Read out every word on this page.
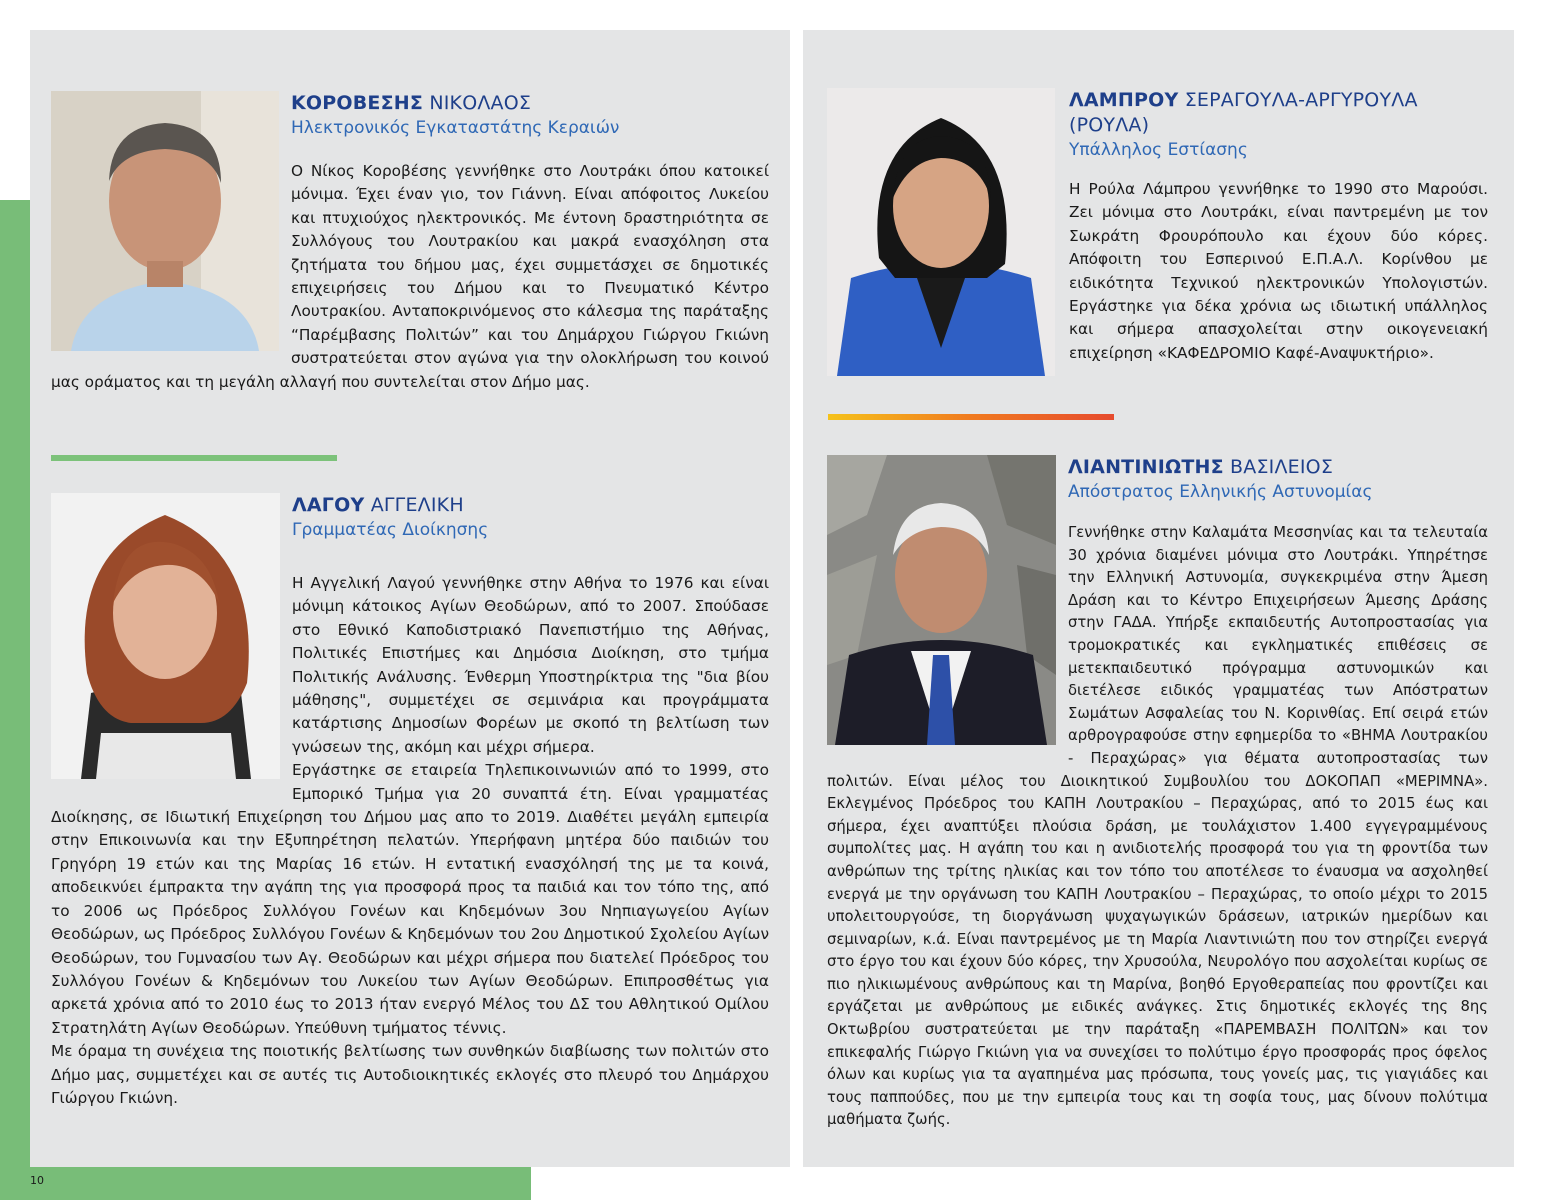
ΚΟΡΟΒΕΣΗΣ ΝΙΚΟΛΑΟΣ
Ηλεκτρονικός Εγκαταστάτης Κεραιών

Ο Νίκος Κοροβέσης γεννήθηκε στο Λουτράκι όπου κατοικεί μόνιμα. Έχει έναν γιο, τον Γιάννη. Είναι απόφοιτος Λυκείου και πτυχιούχος ηλεκτρονικός. Με έντονη δραστηριότητα σε Συλλόγους του Λουτρακίου και μακρά ενασχόληση στα ζητήματα του δήμου μας, έχει συμμετάσχει σε δημοτικές επιχειρήσεις του Δήμου και το Πνευματικό Κέντρο Λουτρακίου. Ανταποκρινόμενος στο κάλεσμα της παράταξης “Παρέμβασης Πολιτών” και του Δημάρχου Γιώργου Γκιώνη συστρατεύεται στον αγώνα για την ολοκλήρωση του κοινού μας οράματος και τη μεγάλη αλλαγή που συντελείται στον Δήμο μας.

ΛΑΓΟΥ ΑΓΓΕΛΙΚΗ
Γραμματέας Διοίκησης

Η Αγγελική Λαγού γεννήθηκε στην Αθήνα το 1976 και είναι μόνιμη κάτοικος Αγίων Θεοδώρων, από το 2007. Σπούδασε στο Εθνικό Καποδιστριακό Πανεπιστήμιο της Αθήνας, Πολιτικές Επιστήμες και Δημόσια Διοίκηση, στο τμήμα Πολιτικής Ανάλυσης. Ένθερμη Υποστηρίκτρια της "δια βίου μάθησης", συμμετέχει σε σεμινάρια και προγράμματα κατάρτισης Δημοσίων Φορέων με σκοπό τη βελτίωση των γνώσεων της, ακόμη και μέχρι σήμερα.

Εργάστηκε σε εταιρεία Τηλεπικοινωνιών από το 1999, στο Εμπορικό Τμήμα για 20 συναπτά έτη. Είναι γραμματέας Διοίκησης, σε Ιδιωτική Επιχείρηση του Δήμου μας απο το 2019. Διαθέτει μεγάλη εμπειρία στην Επικοινωνία και την Εξυπηρέτηση πελατών. Υπερήφανη μητέρα δύο παιδιών του Γρηγόρη 19 ετών και της Μαρίας 16 ετών. Η εντατική ενασχόλησή της με τα κοινά, αποδεικνύει έμπρακτα την αγάπη της για προσφορά προς τα παιδιά και τον τόπο της, από το 2006 ως Πρόεδρος Συλλόγου Γονέων και Κηδεμόνων 3ου Νηπιαγωγείου Αγίων Θεοδώρων, ως Πρόεδρος Συλλόγου Γονέων & Κηδεμόνων του 2ου Δημοτικού Σχολείου Αγίων Θεοδώρων, του Γυμνασίου των Αγ. Θεοδώρων και μέχρι σήμερα που διατελεί Πρόεδρος του Συλλόγου Γονέων & Κηδεμόνων του Λυκείου των Αγίων Θεοδώρων. Επιπροσθέτως για αρκετά χρόνια από το 2010 έως το 2013 ήταν ενεργό Μέλος του ΔΣ του Αθλητικού Ομίλου Στρατηλάτη Αγίων Θεοδώρων. Υπεύθυνη τμήματος τέννις.

Με όραμα τη συνέχεια της ποιοτικής βελτίωσης των συνθηκών διαβίωσης των πολιτών στο Δήμο μας, συμμετέχει και σε αυτές τις Αυτοδιοικητικές εκλογές στο πλευρό του Δημάρχου Γιώργου Γκιώνη.

ΛΑΜΠΡΟΥ ΣΕΡΑΓΟΥΛΑ-ΑΡΓΥΡΟΥΛΑ (ΡΟΥΛΑ)
Υπάλληλος Εστίασης

Η Ρούλα Λάμπρου γεννήθηκε το 1990 στο Μαρούσι. Ζει μόνιμα στο Λουτράκι, είναι παντρεμένη με τον Σωκράτη Φρουρόπουλο και έχουν δύο κόρες. Απόφοιτη του Εσπερινού Ε.Π.Α.Λ. Κορίνθου με ειδικότητα Τεχνικού ηλεκτρονικών Υπολογιστών. Εργάστηκε για δέκα χρόνια ως ιδιωτική υπάλληλος και σήμερα απασχολείται στην οικογενειακή επιχείρηση «ΚΑΦΕΔΡΟΜΙΟ Καφέ-Αναψυκτήριο».

ΛΙΑΝΤΙΝΙΩΤΗΣ ΒΑΣΙΛΕΙΟΣ
Απόστρατος Ελληνικής Αστυνομίας

Γεννήθηκε στην Καλαμάτα Μεσσηνίας και τα τελευταία 30 χρόνια διαμένει μόνιμα στο Λουτράκι. Υπηρέτησε την Ελληνική Αστυνομία, συγκεκριμένα στην Άμεση Δράση και το Κέντρο Επιχειρήσεων Άμεσης Δράσης στην ΓΑΔΑ. Υπήρξε εκπαιδευτής Αυτοπροστασίας για τρομοκρατικές και εγκληματικές επιθέσεις σε μετεκπαιδευτικό πρόγραμμα αστυνομικών και διετέλεσε ειδικός γραμματέας των Απόστρατων Σωμάτων Ασφαλείας του Ν. Κορινθίας. Επί σειρά ετών αρθρογραφούσε στην εφημερίδα το «ΒΗΜΑ Λουτρακίου - Περαχώρας» για θέματα αυτοπροστασίας των πολιτών. Είναι μέλος του Διοικητικού Συμβουλίου του ΔΟΚΟΠΑΠ «ΜΕΡΙΜΝΑ». Εκλεγμένος Πρόεδρος του ΚΑΠΗ Λουτρακίου – Περαχώρας, από το 2015 έως και σήμερα, έχει αναπτύξει πλούσια δράση, με τουλάχιστον 1.400 εγγεγραμμένους συμπολίτες μας. Η αγάπη του και η ανιδιοτελής προσφορά του για τη φροντίδα των ανθρώπων της τρίτης ηλικίας και τον τόπο του αποτέλεσε το έναυσμα να ασχοληθεί ενεργά με την οργάνωση του ΚΑΠΗ Λουτρακίου – Περαχώρας, το οποίο μέχρι το 2015 υπολειτουργούσε, τη διοργάνωση ψυχαγωγικών δράσεων, ιατρικών ημερίδων και σεμιναρίων, κ.ά. Είναι παντρεμένος με τη Μαρία Λιαντινιώτη που τον στηρίζει ενεργά στο έργο του και έχουν δύο κόρες, την Χρυσούλα, Νευρολόγο που ασχολείται κυρίως σε πιο ηλικιωμένους ανθρώπους και τη Μαρίνα, βοηθό Εργοθεραπείας που φροντίζει και εργάζεται με ανθρώπους με ειδικές ανάγκες. Στις δημοτικές εκλογές της 8ης Οκτωβρίου συστρατεύεται με την παράταξη «ΠΑΡΕΜΒΑΣΗ ΠΟΛΙΤΩΝ» και τον επικεφαλής Γιώργο Γκιώνη για να συνεχίσει το πολύτιμο έργο προσφοράς προς όφελος όλων και κυρίως για τα αγαπημένα μας πρόσωπα, τους γονείς μας, τις γιαγιάδες και τους παππούδες, που με την εμπειρία τους και τη σοφία τους, μας δίνουν πολύτιμα μαθήματα ζωής.

10
